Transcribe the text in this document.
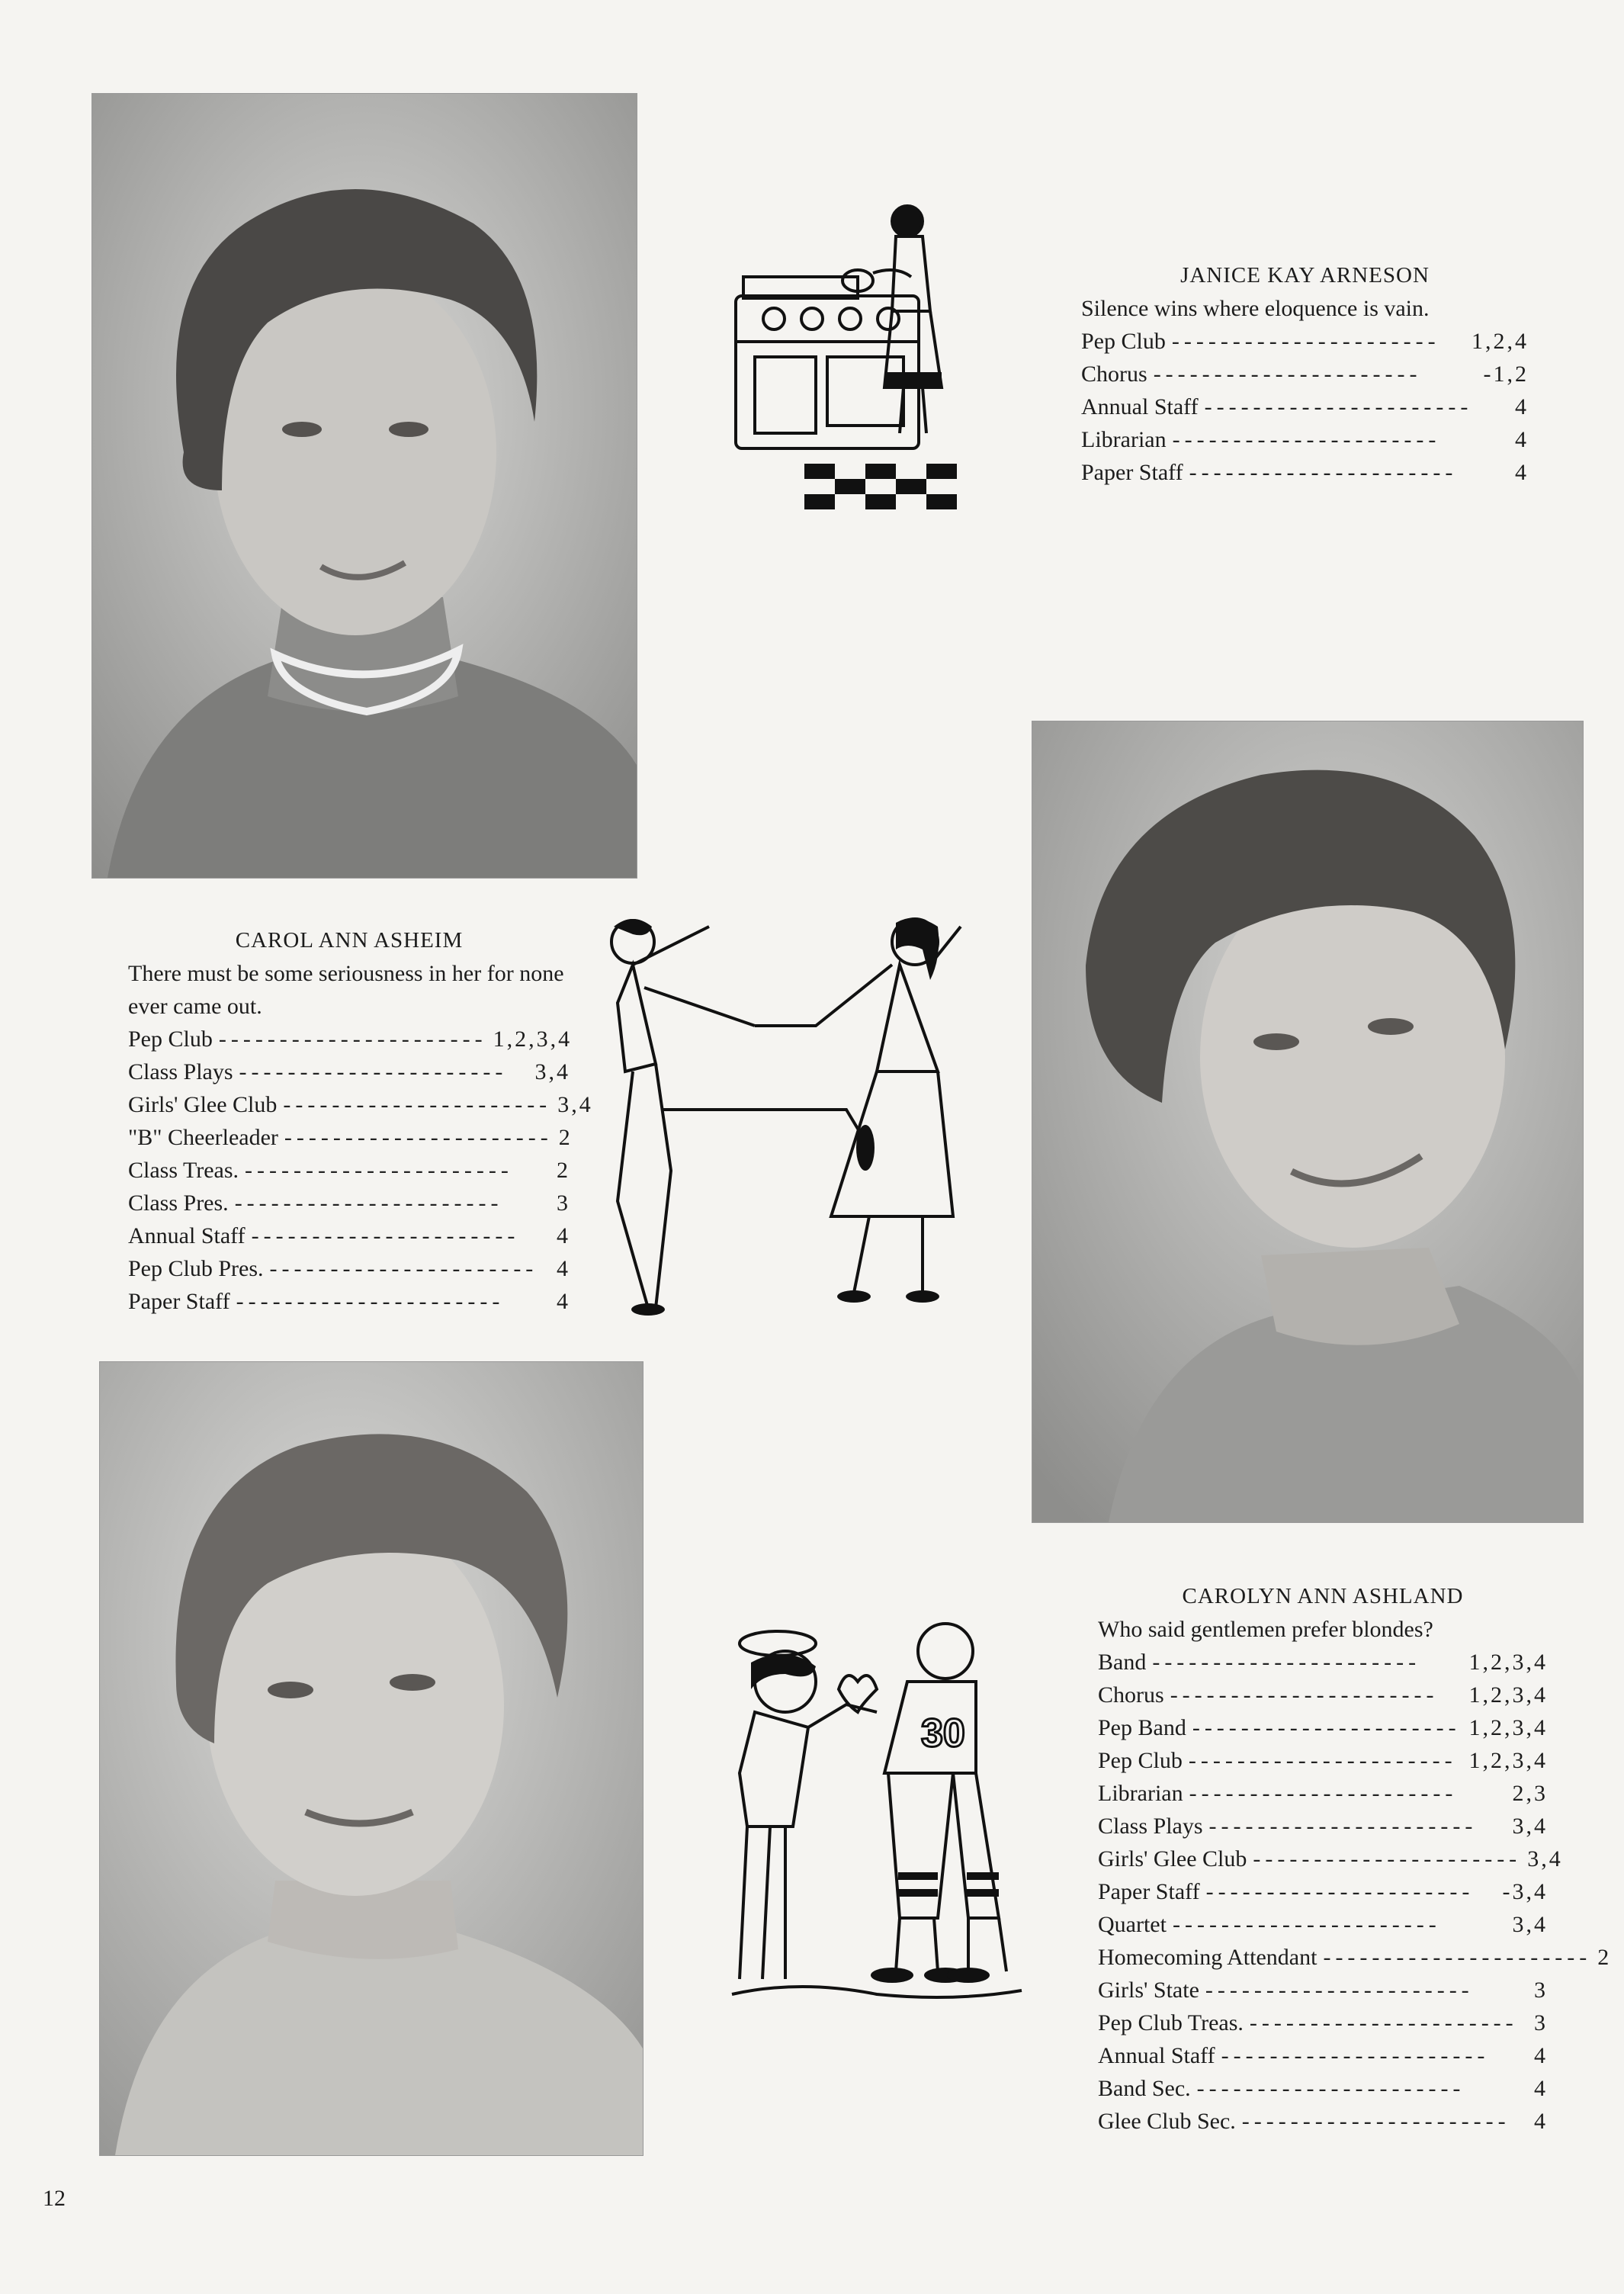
JANICE KAY ARNESON

Silence wins where eloquence is vain.

Pep Club ----------------------	1,2,4
Chorus ----------------------	-1,2
Annual Staff ----------------------	4
Librarian ----------------------	4
Paper Staff ----------------------	4
CAROL ANN ASHEIM

There must be some seriousness in her for none ever came out.

Pep Club ---------------------- 1,2,3,4
Class Plays ----------------------	3,4
Girls' Glee Club ---------------------- 3,4
"B" Cheerleader ---------------------- 2
Class Treas. ----------------------	2
Class Pres. ----------------------	3
Annual Staff ----------------------	4
Pep Club Pres. ---------------------- 4
Paper Staff ----------------------	4
30
CAROLYN ANN ASHLAND

Who said gentlemen prefer blondes?

Band ----------------------	1,2,3,4
Chorus ----------------------	1,2,3,4
Pep Band ---------------------- 1,2,3,4
Pep Club ---------------------- 1,2,3,4
Librarian ----------------------	2,3
Class Plays ----------------------	3,4
Girls' Glee Club ---------------------- 3,4
Paper Staff ----------------------	-3,4
Quartet ----------------------	3,4
Homecoming Attendant ---------------------- 2
Girls' State ----------------------	3
Pep Club Treas. ---------------------- 3
Annual Staff ----------------------	4
Band Sec. ----------------------	4
Glee Club Sec. ----------------------	4
12
